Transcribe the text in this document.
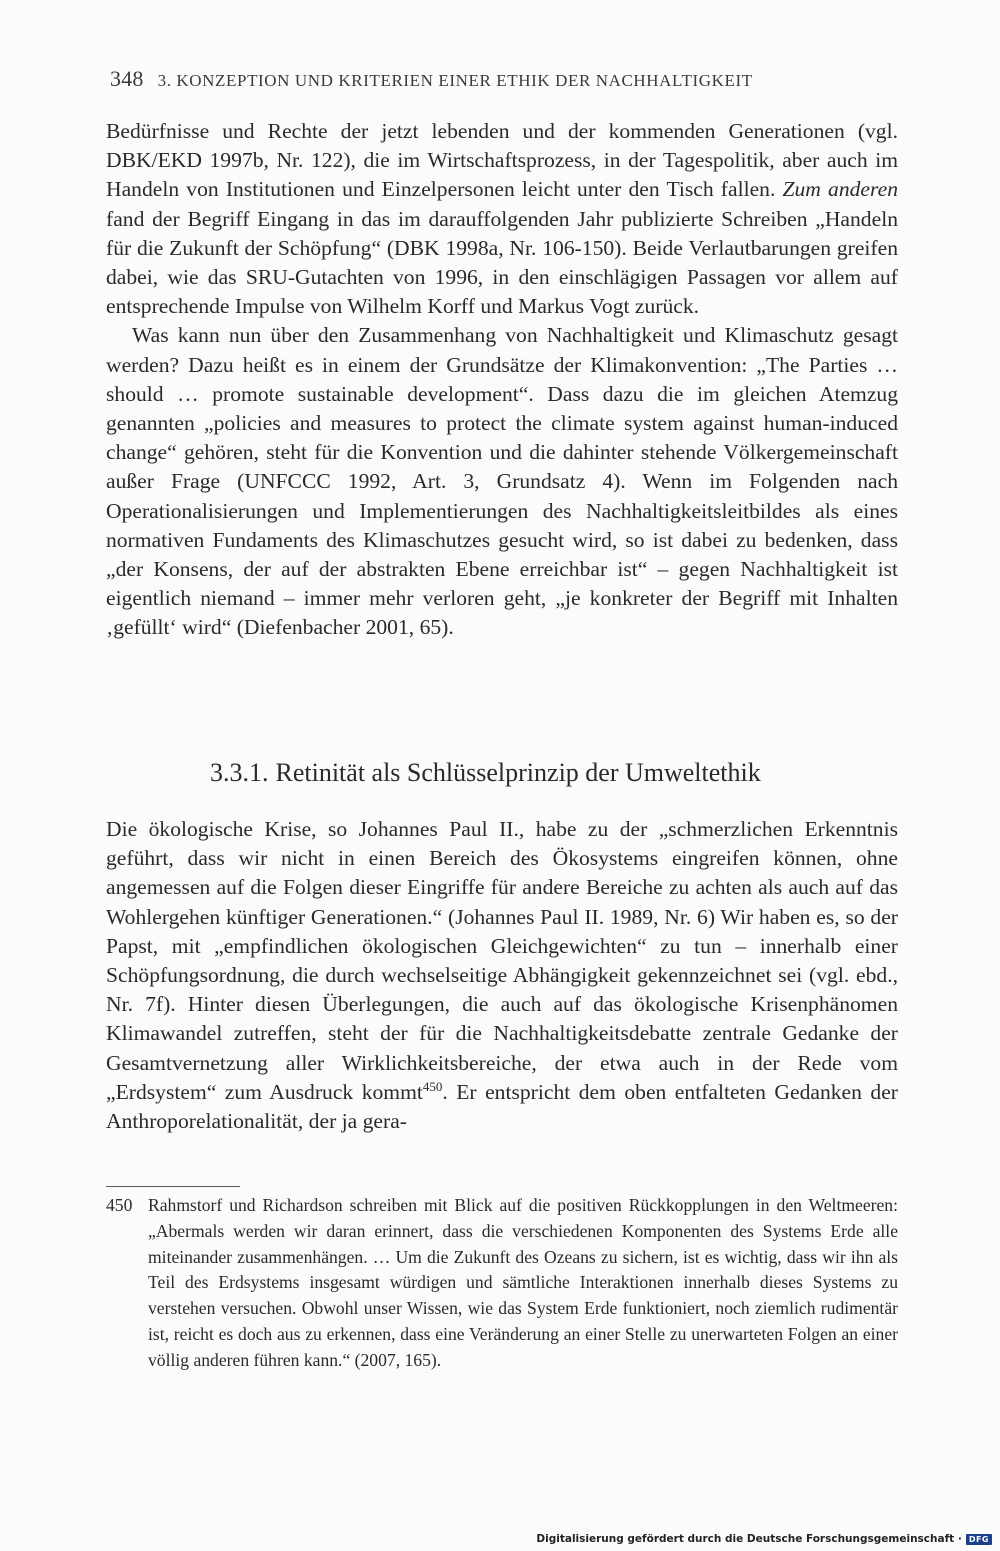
348 3. KONZEPTION UND KRITERIEN EINER ETHIK DER NACHHALTIGKEIT

Bedürfnisse und Rechte der jetzt lebenden und der kommenden Generationen (vgl. DBK/EKD 1997b, Nr. 122), die im Wirtschaftsprozess, in der Tagespolitik, aber auch im Handeln von Institutionen und Einzelpersonen leicht unter den Tisch fallen. Zum anderen fand der Begriff Eingang in das im darauffolgenden Jahr publizierte Schreiben „Handeln für die Zukunft der Schöpfung“ (DBK 1998a, Nr. 106-150). Beide Verlautbarungen greifen dabei, wie das SRU-Gutachten von 1996, in den einschlägigen Passagen vor allem auf entsprechende Impulse von Wilhelm Korff und Markus Vogt zurück.

Was kann nun über den Zusammenhang von Nachhaltigkeit und Klimaschutz gesagt werden? Dazu heißt es in einem der Grundsätze der Klimakonvention: „The Parties … should … promote sustainable development“. Dass dazu die im gleichen Atemzug genannten „policies and measures to protect the climate system against human-induced change“ gehören, steht für die Konvention und die dahinter stehende Völkergemeinschaft außer Frage (UNFCCC 1992, Art. 3, Grundsatz 4). Wenn im Folgenden nach Operationalisierungen und Implementierungen des Nachhaltigkeitsleitbildes als eines normativen Fundaments des Klimaschutzes gesucht wird, so ist dabei zu bedenken, dass „der Konsens, der auf der abstrakten Ebene erreichbar ist“ – gegen Nachhaltigkeit ist eigentlich niemand – immer mehr verloren geht, „je konkreter der Begriff mit Inhalten ‚gefüllt‘ wird“ (Diefenbacher 2001, 65).

3.3.1. Retinität als Schlüsselprinzip der Umweltethik

Die ökologische Krise, so Johannes Paul II., habe zu der „schmerzlichen Erkenntnis geführt, dass wir nicht in einen Bereich des Ökosystems eingreifen können, ohne angemessen auf die Folgen dieser Eingriffe für andere Bereiche zu achten als auch auf das Wohlergehen künftiger Generationen.“ (Johannes Paul II. 1989, Nr. 6) Wir haben es, so der Papst, mit „empfindlichen ökologischen Gleichgewichten“ zu tun – innerhalb einer Schöpfungsordnung, die durch wechselseitige Abhängigkeit gekennzeichnet sei (vgl. ebd., Nr. 7f). Hinter diesen Überlegungen, die auch auf das ökologische Krisenphänomen Klimawandel zutreffen, steht der für die Nachhaltigkeitsdebatte zentrale Gedanke der Gesamtvernetzung aller Wirklichkeitsbereiche, der etwa auch in der Rede vom „Erdsystem“ zum Ausdruck kommt$^{450}$. Er entspricht dem oben entfalteten Gedanken der Anthroporelationalität, der ja gera-

450 Rahmstorf und Richardson schreiben mit Blick auf die positiven Rückkopplungen in den Weltmeeren: „Abermals werden wir daran erinnert, dass die verschiedenen Komponenten des Systems Erde alle miteinander zusammenhängen. … Um die Zukunft des Ozeans zu sichern, ist es wichtig, dass wir ihn als Teil des Erdsystems insgesamt würdigen und sämtliche Interaktionen innerhalb dieses Systems zu verstehen versuchen. Obwohl unser Wissen, wie das System Erde funktioniert, noch ziemlich rudimentär ist, reicht es doch aus zu erkennen, dass eine Veränderung an einer Stelle zu unerwarteten Folgen an einer völlig anderen führen kann.“ (2007, 165).
Digitalisierung gefördert durch die Deutsche Forschungsgemeinschaft · DFG
